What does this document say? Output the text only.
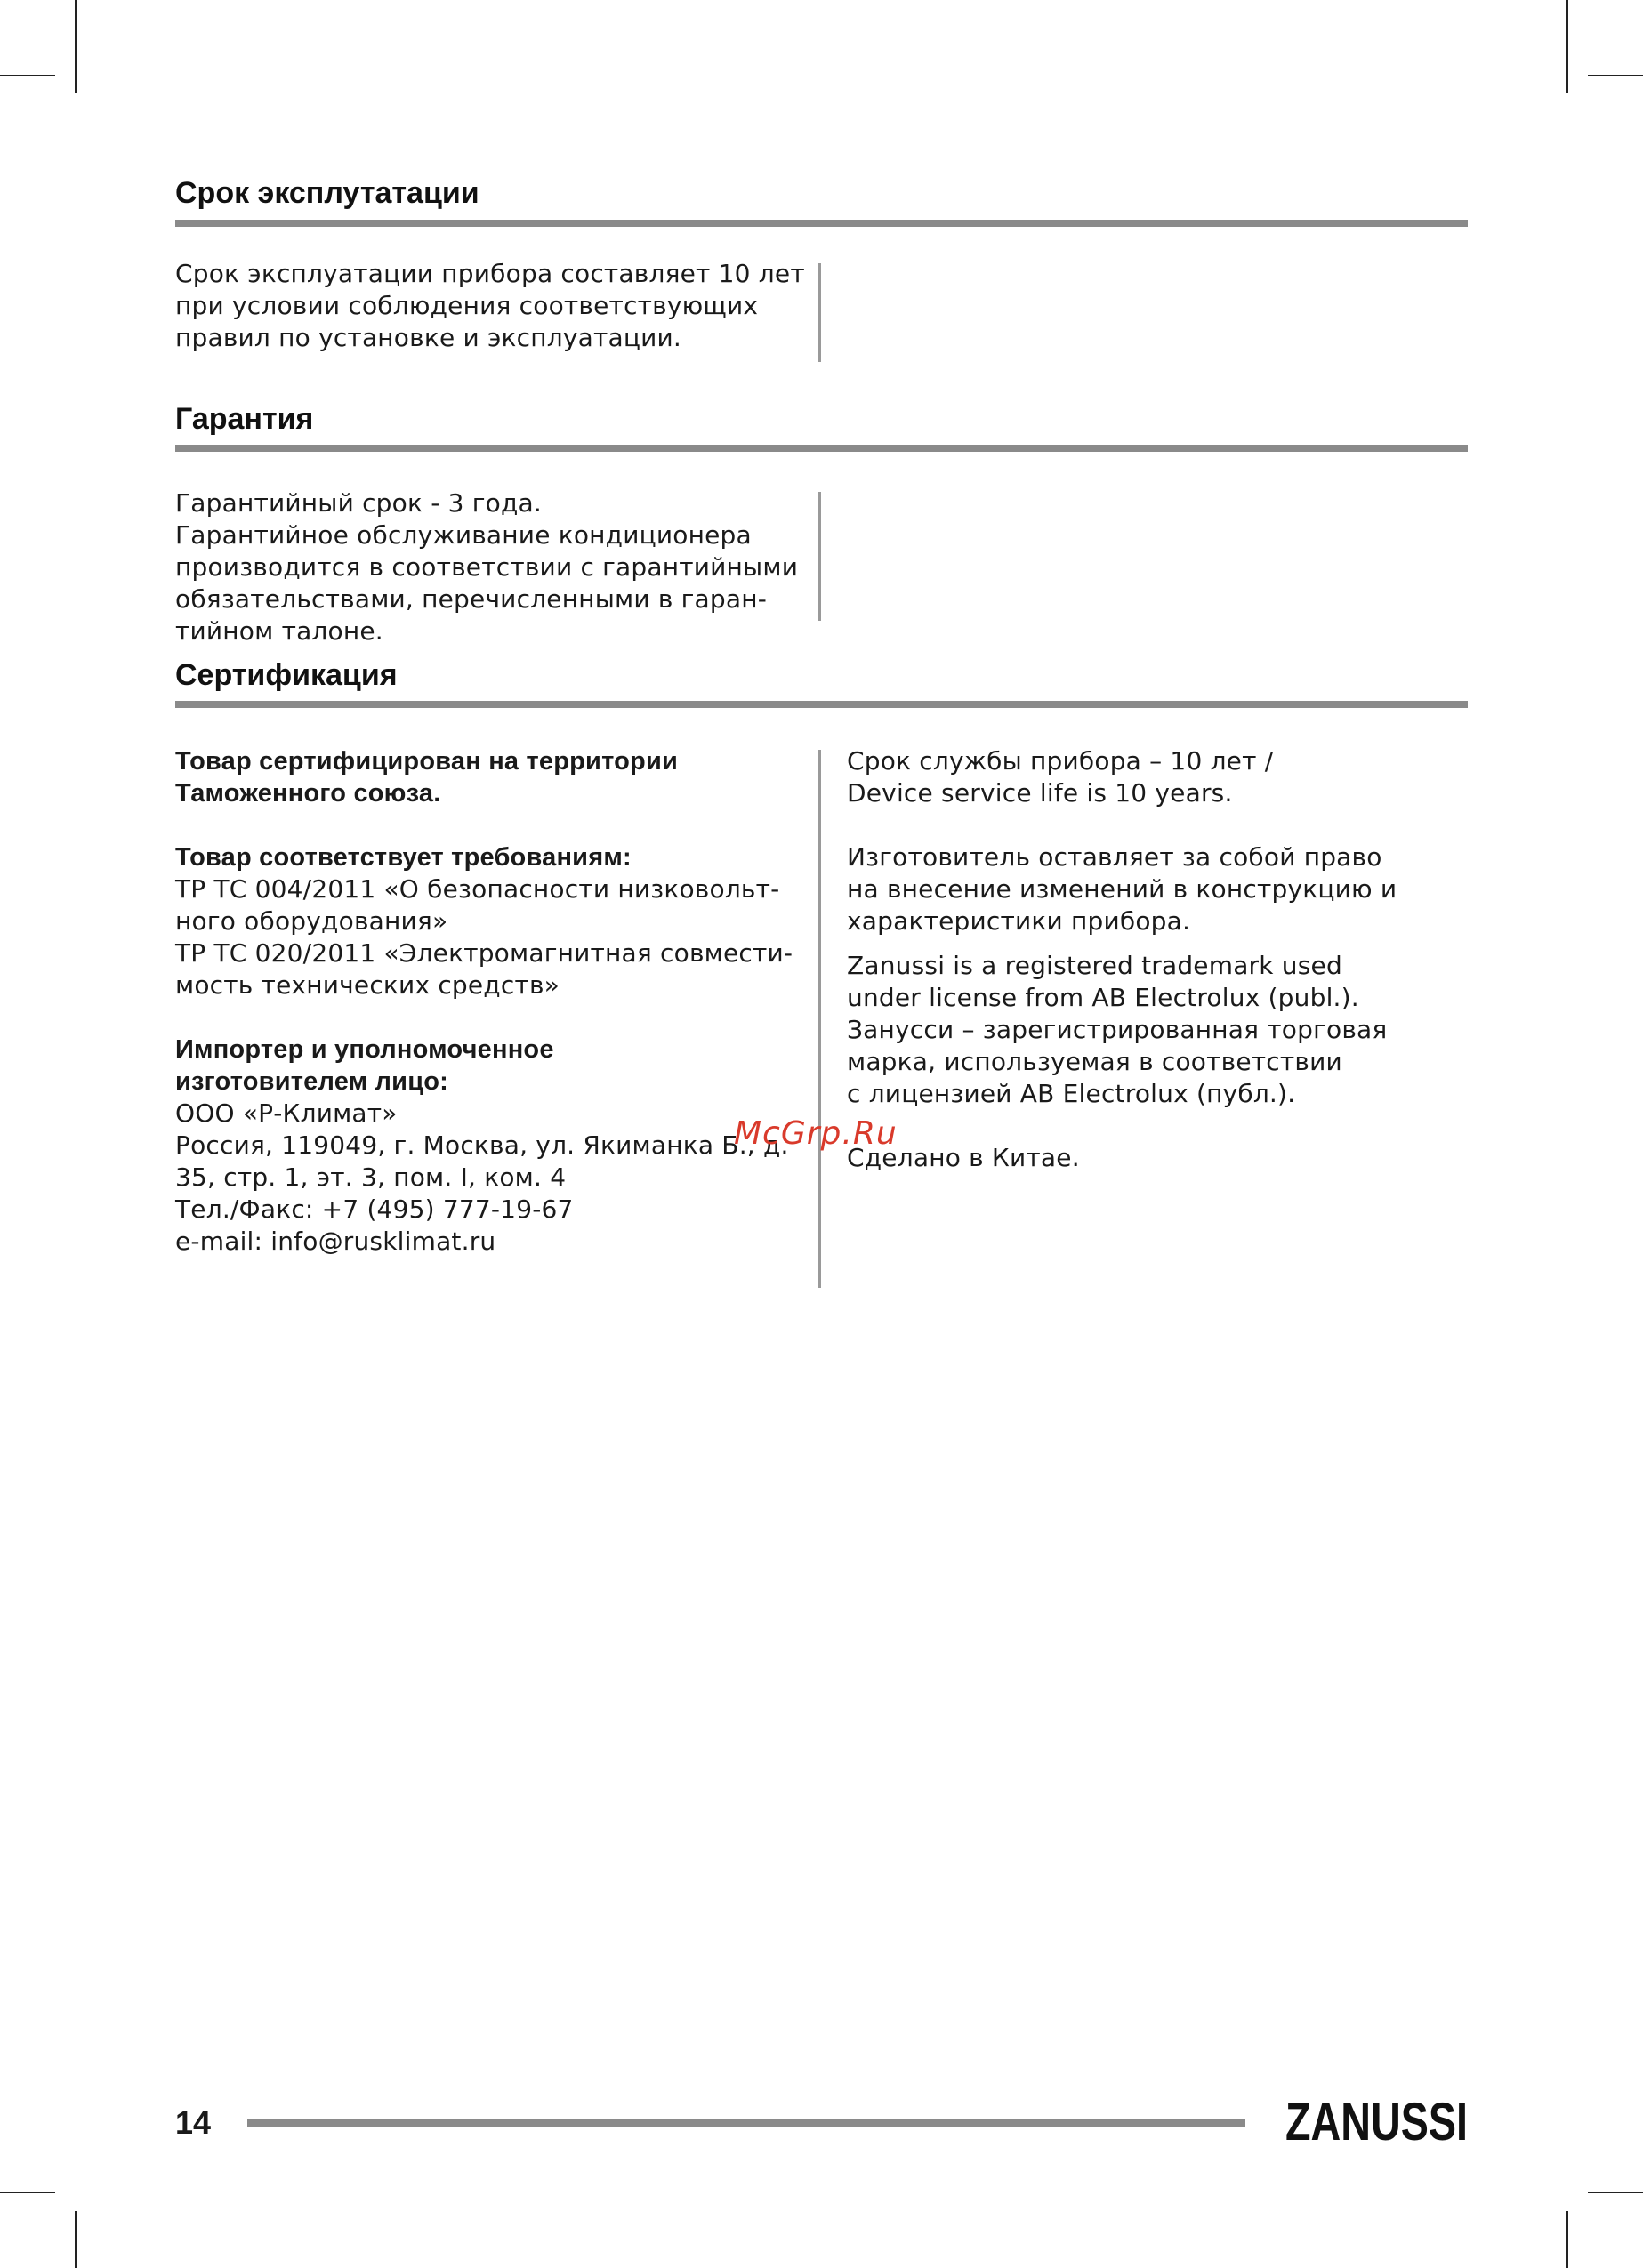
Срок эксплутатации
Срок эксплуатации прибора составляет 10 лет
при условии соблюдения соответствующих
правил по установке и эксплуатации.
Гарантия
Гарантийный срок - 3 года.
Гарантийное обслуживание кондиционера
производится в соответствии с гарантийными
обязательствами, перечисленными в гаран-
тийном талоне.
Сертификация
Товар сертифицирован на территории
Таможенного союза.

Товар соответствует требованиям:
ТР ТС 004/2011 «О безопасности низковольт-
ного оборудования»
ТР ТС 020/2011 «Электромагнитная совмести-
мость технических средств»

Импортер и уполномоченное
изготовителем лицо:
ООО «Р-Климат»
Россия, 119049, г. Москва, ул. Якиманка Б., д.
35, стр. 1, эт. 3, пом. I, ком. 4
Тел./Факс: +7 (495) 777-19-67
e-mail: info@rusklimat.ru
Срок службы прибора – 10 лет /
Device service life is 10 years.

Изготовитель оставляет за собой право
на внесение изменений в конструкцию и
характеристики прибора.

Zanussi is a registered trademark used
under license from AB Electrolux (publ.).
Занусси – зарегистрированная торговая
марка, используемая в соответствии
с лицензией AB Electrolux (публ.).

Сделано в Китае.
McGrp.Ru
14	ZANUSSI
